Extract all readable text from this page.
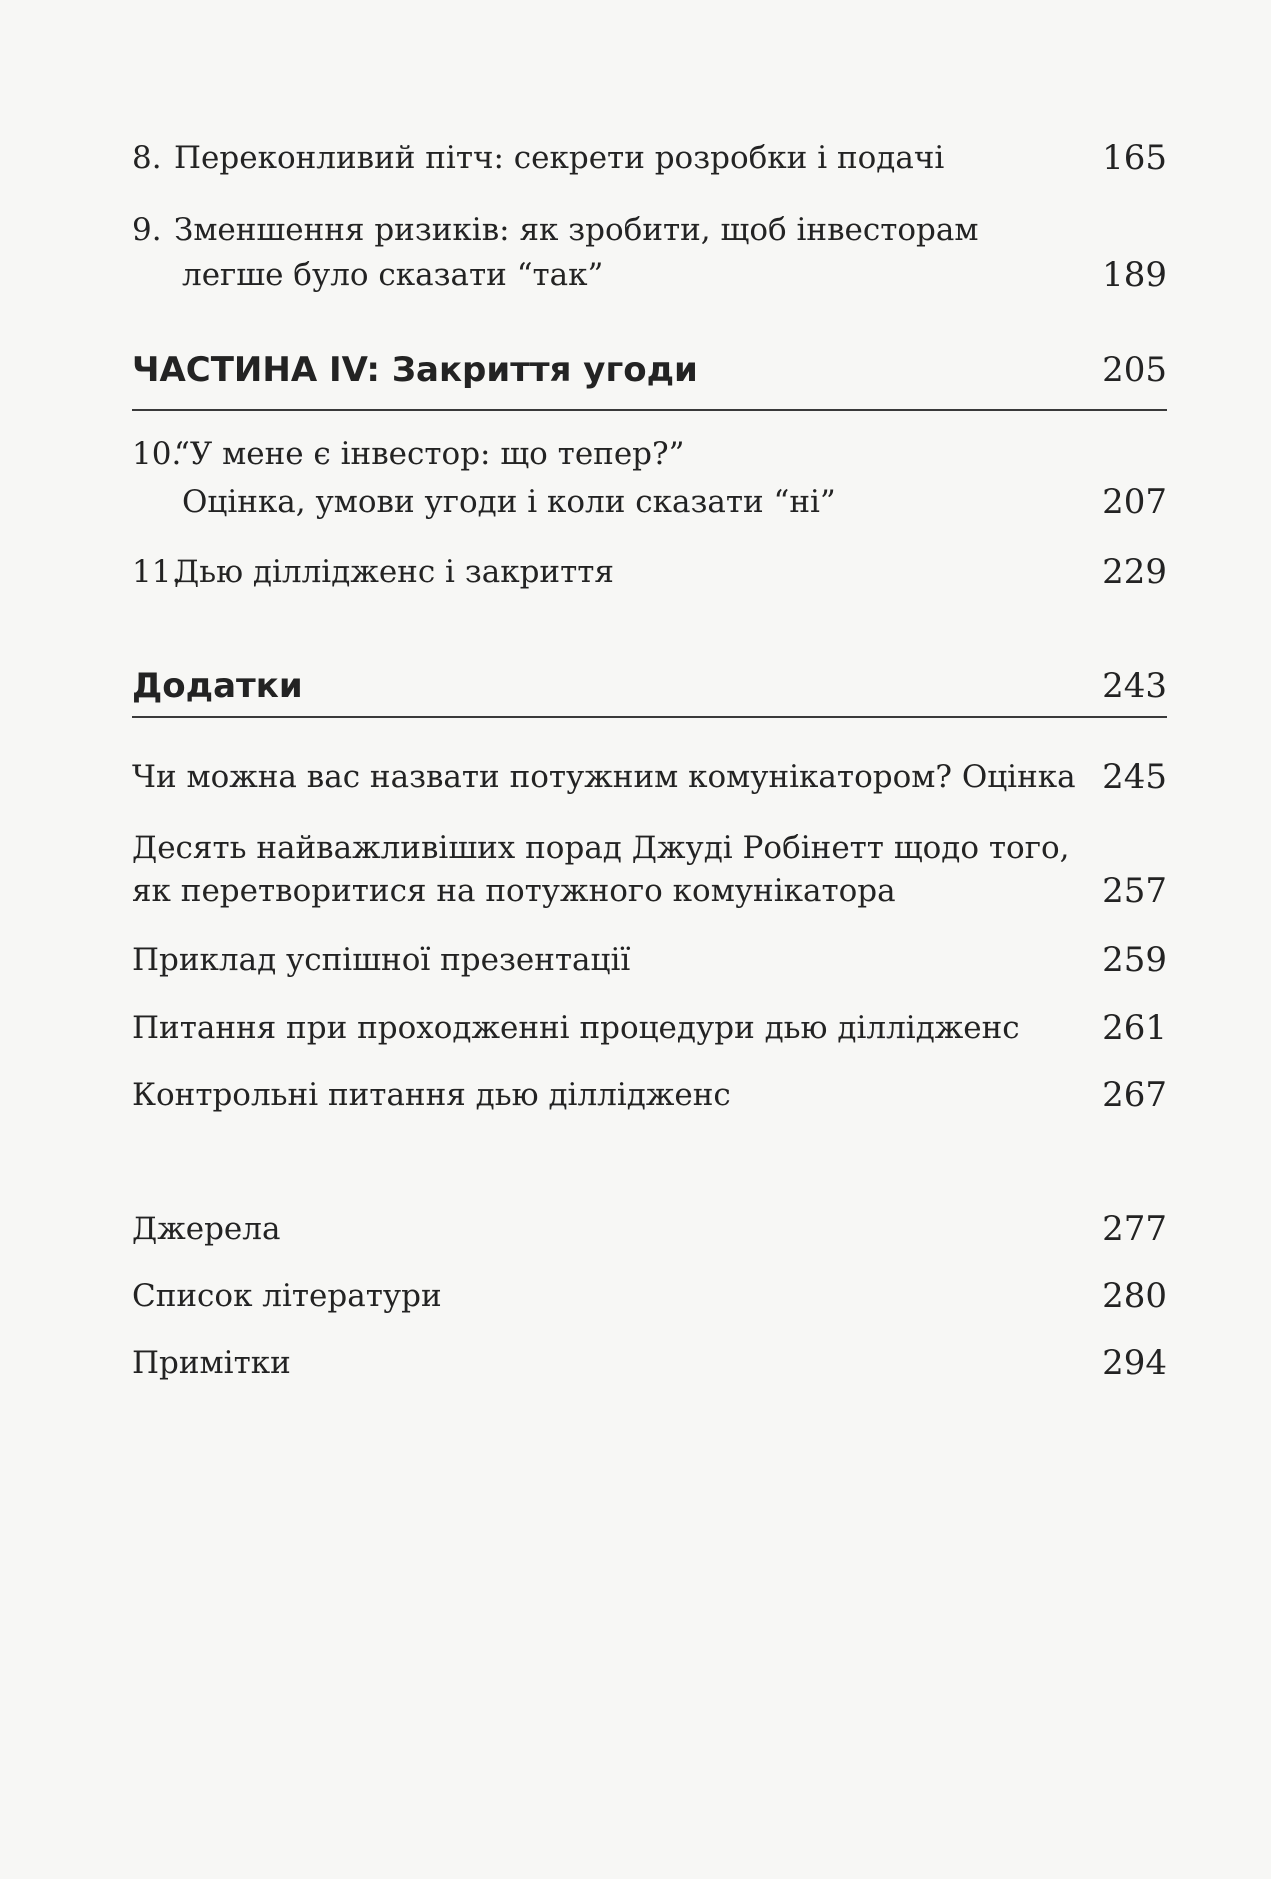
8. Переконливий пітч: секрети розробки і подачі	165
9. Зменшення ризиків: як зробити, щоб інвесторам
легше було сказати “так”	189
ЧАСТИНА IV: Закриття угоди	205
10.“У мене є інвестор: що тепер?”
Оцінка, умови угоди і коли сказати “ні”	207
11.Дью діллідженс і закриття	229
Додатки	243
Чи можна вас назвати потужним комунікатором? Оцінка 245
Десять найважливіших порад Джуді Робінетт щодо того,
як перетворитися на потужного комунікатора	257
Приклад успішної презентації	259
Питання при проходженні процедури дью діллідженс 261
Контрольні питання дью діллідженс	267
Джерела	277
Список літератури	280
Примітки	294
